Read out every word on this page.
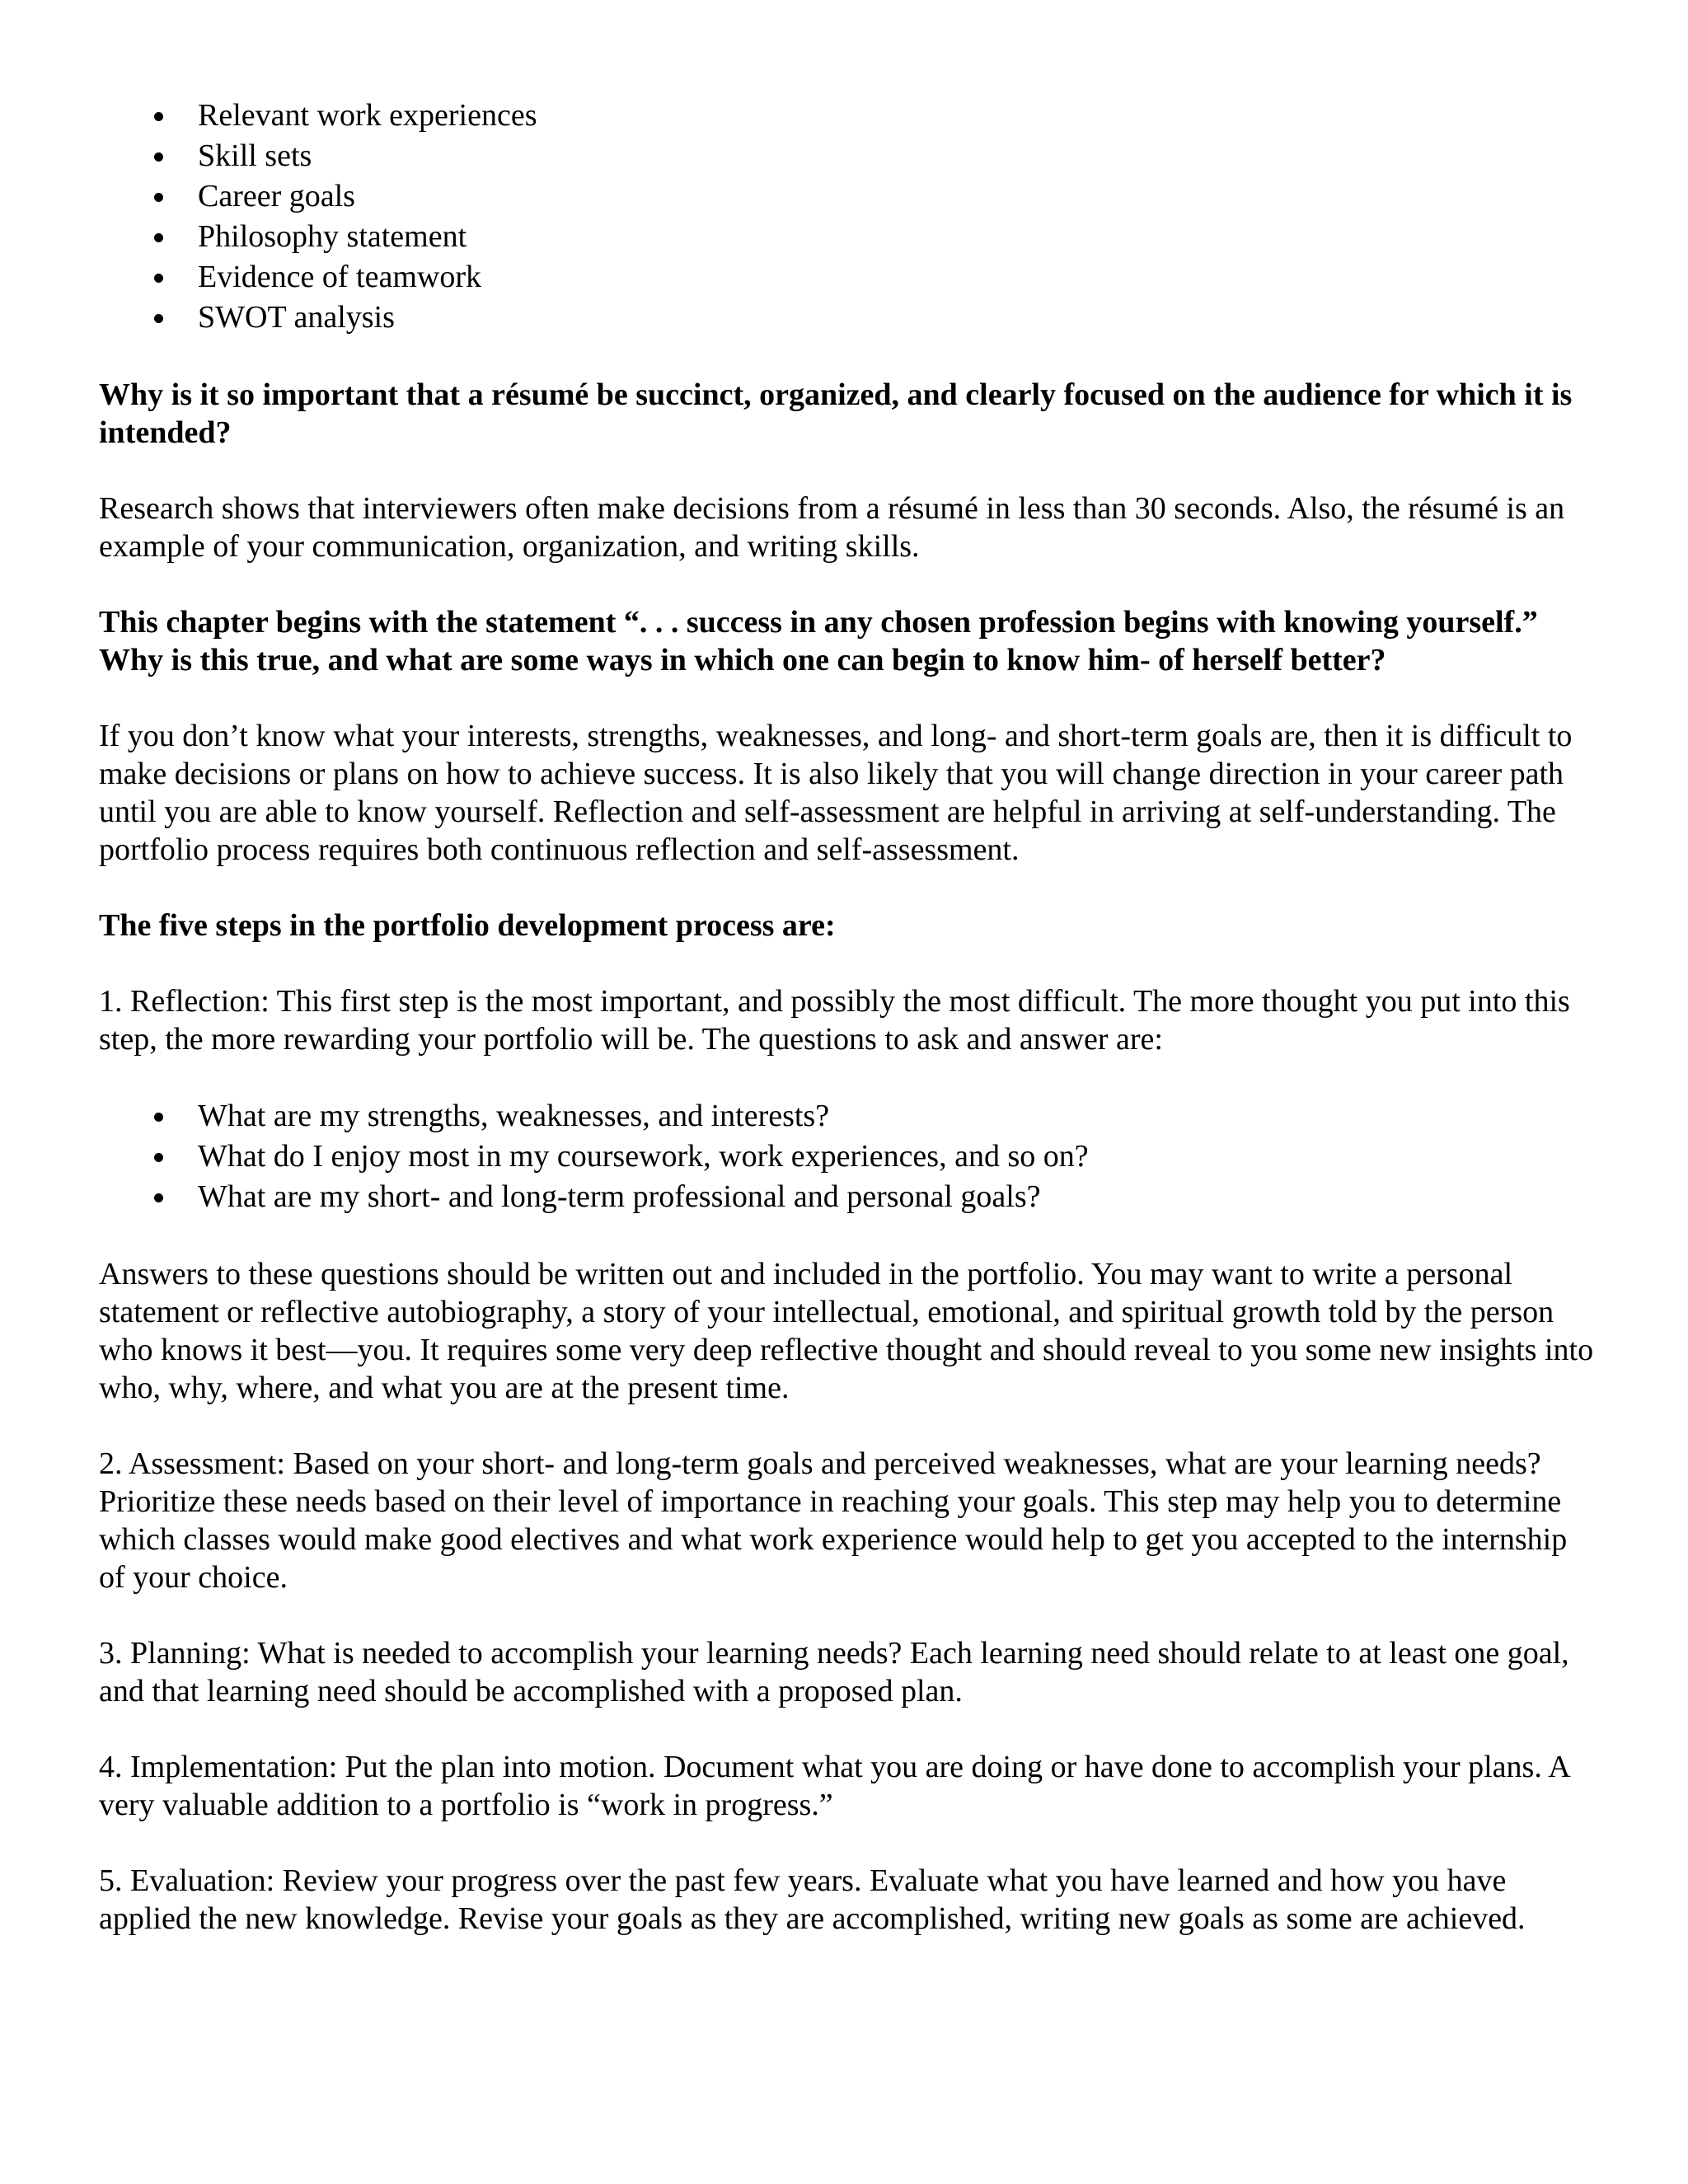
Relevant work experiences
Skill sets
Career goals
Philosophy statement
Evidence of teamwork
SWOT analysis

Why is it so important that a résumé be succinct, organized, and clearly focused on the audience for which it is intended?

Research shows that interviewers often make decisions from a résumé in less than 30 seconds. Also, the résumé is an example of your communication, organization, and writing skills.

This chapter begins with the statement “. . . success in any chosen profession begins with knowing yourself.” Why is this true, and what are some ways in which one can begin to know him- of herself better?

If you don’t know what your interests, strengths, weaknesses, and long- and short-term goals are, then it is difficult to make decisions or plans on how to achieve success. It is also likely that you will change direction in your career path until you are able to know yourself. Reflection and self-assessment are helpful in arriving at self-understanding. The portfolio process requires both continuous reflection and self-assessment.

The five steps in the portfolio development process are:

1. Reflection: This first step is the most important, and possibly the most difficult. The more thought you put into this step, the more rewarding your portfolio will be. The questions to ask and answer are:

What are my strengths, weaknesses, and interests?
What do I enjoy most in my coursework, work experiences, and so on?
What are my short- and long-term professional and personal goals?

Answers to these questions should be written out and included in the portfolio. You may want to write a personal statement or reflective autobiography, a story of your intellectual, emotional, and spiritual growth told by the person who knows it best—you. It requires some very deep reflective thought and should reveal to you some new insights into who, why, where, and what you are at the present time.

2. Assessment: Based on your short- and long-term goals and perceived weaknesses, what are your learning needs? Prioritize these needs based on their level of importance in reaching your goals. This step may help you to determine which classes would make good electives and what work experience would help to get you accepted to the internship of your choice.

3. Planning: What is needed to accomplish your learning needs? Each learning need should relate to at least one goal, and that learning need should be accomplished with a proposed plan.

4. Implementation: Put the plan into motion. Document what you are doing or have done to accomplish your plans. A very valuable addition to a portfolio is “work in progress.”

5. Evaluation: Review your progress over the past few years. Evaluate what you have learned and how you have applied the new knowledge. Revise your goals as they are accomplished, writing new goals as some are achieved.
